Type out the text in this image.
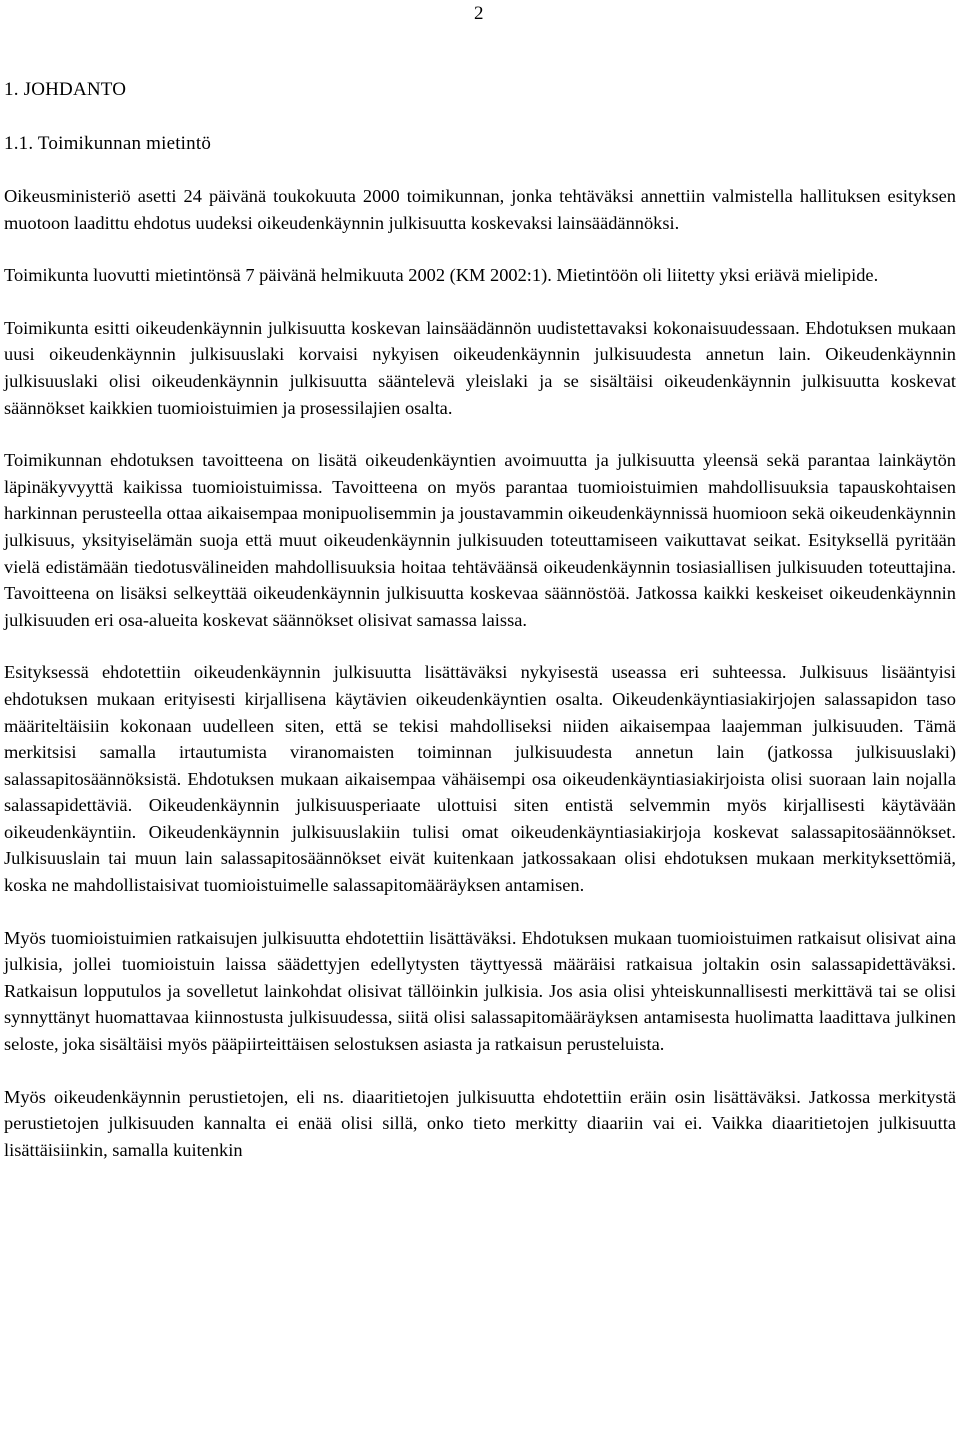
2
1. JOHDANTO
1.1. Toimikunnan mietintö

Oikeusministeriö asetti 24 päivänä toukokuuta 2000 toimikunnan, jonka tehtäväksi annettiin valmistella hallituksen esityksen muotoon laadittu ehdotus uudeksi oikeudenkäynnin julkisuutta koskevaksi lainsäädännöksi.

Toimikunta luovutti mietintönsä 7 päivänä helmikuuta 2002 (KM 2002:1). Mietintöön oli liitetty yksi eriävä mielipide.

Toimikunta esitti oikeudenkäynnin julkisuutta koskevan lainsäädännön uudistettavaksi kokonaisuudessaan. Ehdotuksen mukaan uusi oikeudenkäynnin julkisuuslaki korvaisi nykyisen oikeudenkäynnin julkisuudesta annetun lain. Oikeudenkäynnin julkisuuslaki olisi oikeudenkäynnin julkisuutta sääntelevä yleislaki ja se sisältäisi oikeudenkäynnin julkisuutta koskevat säännökset kaikkien tuomioistuimien ja prosessilajien osalta.

Toimikunnan ehdotuksen tavoitteena on lisätä oikeudenkäyntien avoimuutta ja julkisuutta yleensä sekä parantaa lainkäytön läpinäkyvyyttä kaikissa tuomioistuimissa. Tavoitteena on myös parantaa tuomioistuimien mahdollisuuksia tapauskohtaisen harkinnan perusteella ottaa aikaisempaa monipuolisemmin ja joustavammin oikeudenkäynnissä huomioon sekä oikeudenkäynnin julkisuus, yksityiselämän suoja että muut oikeudenkäynnin julkisuuden toteuttamiseen vaikuttavat seikat. Esityksellä pyritään vielä edistämään tiedotusvälineiden mahdollisuuksia hoitaa tehtäväänsä oikeudenkäynnin tosiasiallisen julkisuuden toteuttajina. Tavoitteena on lisäksi selkeyttää oikeudenkäynnin julkisuutta koskevaa säännöstöä. Jatkossa kaikki keskeiset oikeudenkäynnin julkisuuden eri osa-alueita koskevat säännökset olisivat samassa laissa.

Esityksessä ehdotettiin oikeudenkäynnin julkisuutta lisättäväksi nykyisestä useassa eri suhteessa. Julkisuus lisääntyisi ehdotuksen mukaan erityisesti kirjallisena käytävien oikeudenkäyntien osalta. Oikeudenkäyntiasiakirjojen salassapidon taso määriteltäisiin kokonaan uudelleen siten, että se tekisi mahdolliseksi niiden aikaisempaa laajemman julkisuuden. Tämä merkitsisi samalla irtautumista viranomaisten toiminnan julkisuudesta annetun lain (jatkossa julkisuuslaki) salassapitosäännöksistä. Ehdotuksen mukaan aikaisempaa vähäisempi osa oikeudenkäyntiasiakirjoista olisi suoraan lain nojalla salassapidettäviä. Oikeudenkäynnin julkisuusperiaate ulottuisi siten entistä selvemmin myös kirjallisesti käytävään oikeudenkäyntiin. Oikeudenkäynnin julkisuuslakiin tulisi omat oikeudenkäyntiasiakirjoja koskevat salassapitosäännökset. Julkisuuslain tai muun lain salassapitosäännökset eivät kuitenkaan jatkossakaan olisi ehdotuksen mukaan merkityksettömiä, koska ne mahdollistaisivat tuomioistuimelle salassapitomääräyksen antamisen.

Myös tuomioistuimien ratkaisujen julkisuutta ehdotettiin lisättäväksi. Ehdotuksen mukaan tuomioistuimen ratkaisut olisivat aina julkisia, jollei tuomioistuin laissa säädettyjen edellytysten täyttyessä määräisi ratkaisua joltakin osin salassapidettäväksi. Ratkaisun lopputulos ja sovelletut lainkohdat olisivat tällöinkin julkisia. Jos asia olisi yhteiskunnallisesti merkittävä tai se olisi synnyttänyt huomattavaa kiinnostusta julkisuudessa, siitä olisi salassapitomääräyksen antamisesta huolimatta laadittava julkinen seloste, joka sisältäisi myös pääpiirteittäisen selostuksen asiasta ja ratkaisun perusteluista.

Myös oikeudenkäynnin perustietojen, eli ns. diaaritietojen julkisuutta ehdotettiin eräin osin lisättäväksi. Jatkossa merkitystä perustietojen julkisuuden kannalta ei enää olisi sillä, onko tieto merkitty diaariin vai ei. Vaikka diaaritietojen julkisuutta lisättäisiinkin, samalla kuitenkin
